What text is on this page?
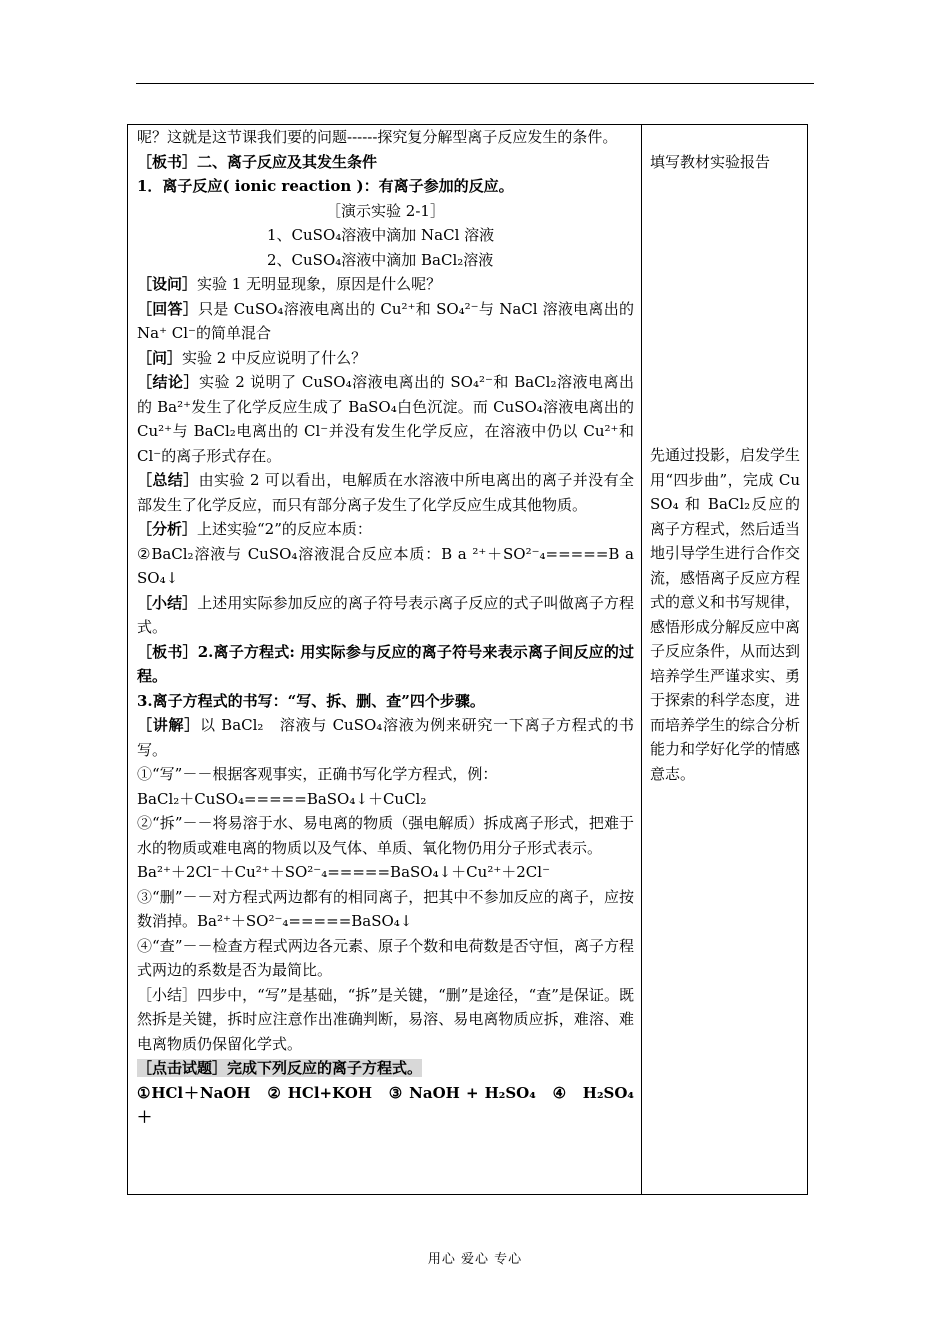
呢？这就是这节课我们要的问题------探究复分解型离子反应发生的条件。

［板书］二、离子反应及其发生条件

1．离子反应( ionic reaction )：有离子参加的反应。

［演示实验 2-1］

1、CuSO₄溶液中滴加 NaCl 溶液

2、CuSO₄溶液中滴加 BaCl₂溶液

［设问］实验 1 无明显现象，原因是什么呢？

［回答］只是 CuSO₄溶液电离出的 Cu²⁺和 SO₄²⁻与 NaCl 溶液电离出的 Na⁺ Cl⁻的简单混合

［问］实验 2 中反应说明了什么？

［结论］实验 2 说明了 CuSO₄溶液电离出的 SO₄²⁻和 BaCl₂溶液电离出的 Ba²⁺发生了化学反应生成了 BaSO₄白色沉淀。而 CuSO₄溶液电离出的 Cu²⁺与 BaCl₂电离出的 Cl⁻并没有发生化学反应，在溶液中仍以 Cu²⁺和 Cl⁻的离子形式存在。

［总结］由实验 2 可以看出，电解质在水溶液中所电离出的离子并没有全部发生了化学反应，而只有部分离子发生了化学反应生成其他物质。

［分析］上述实验“2”的反应本质：

②BaCl₂溶液与 CuSO₄溶液混合反应本质：B a ²⁺＋SO²⁻₄=====B a SO₄↓

［小结］上述用实际参加反应的离子符号表示离子反应的式子叫做离子方程式。

［板书］2.离子方程式: 用实际参与反应的离子符号来表示离子间反应的过程。

3.离子方程式的书写：“写、拆、删、查”四个步骤。

［讲解］以 BaCl₂　溶液与 CuSO₄溶液为例来研究一下离子方程式的书写。

①“写”－－根据客观事实，正确书写化学方程式，例：

BaCl₂＋CuSO₄=====BaSO₄↓＋CuCl₂

②“拆”－－将易溶于水、易电离的物质（强电解质）拆成离子形式，把难于水的物质或难电离的物质以及气体、单质、氧化物仍用分子形式表示。

Ba²⁺＋2Cl⁻＋Cu²⁺＋SO²⁻₄=====BaSO₄↓＋Cu²⁺＋2Cl⁻

③“删”－－对方程式两边都有的相同离子，把其中不参加反应的离子，应按数消掉。Ba²⁺＋SO²⁻₄=====BaSO₄↓

④“查”－－检查方程式两边各元素、原子个数和电荷数是否守恒，离子方程式两边的系数是否为最简比。

［小结］四步中，“写”是基础，“拆”是关键，“删”是途径，“查”是保证。既然拆是关键，拆时应注意作出准确判断，易溶、易电离物质应拆，难溶、难电离物质仍保留化学式。

［点击试题］完成下列反应的离子方程式。

①HCl＋NaOH　② HCl+KOH　③ NaOH + H₂SO₄　④　H₂SO₄＋

填写教材实验报告

先通过投影，启发学生用“四步曲”，完成 Cu SO₄ 和 BaCl₂反应的离子方程式，然后适当地引导学生进行合作交流，感悟离子反应方程式的意义和书写规律，感悟形成分解反应中离子反应条件，从而达到培养学生严谨求实、勇于探索的科学态度，进而培养学生的综合分析能力和学好化学的情感意志。

用心 爱心 专心
